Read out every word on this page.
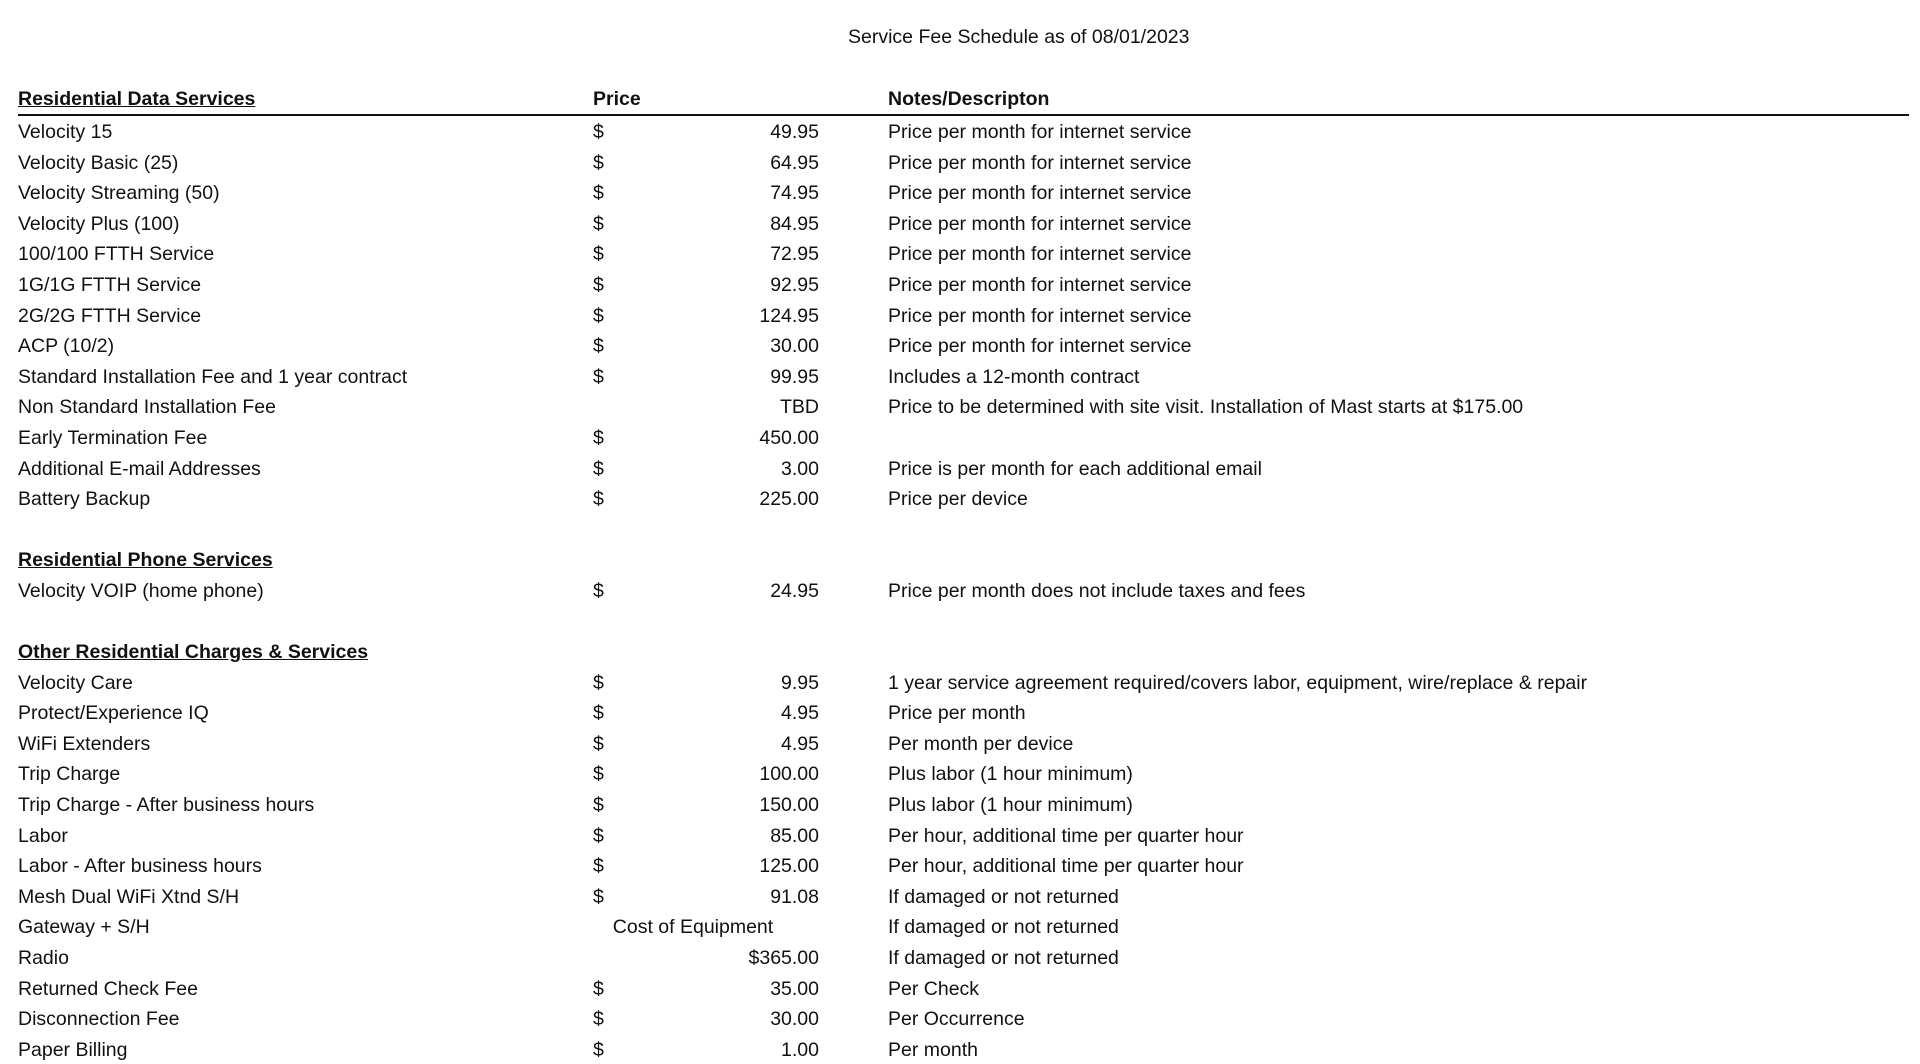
Service Fee Schedule as of 08/01/2023
Residential Data Services	Price	Notes/Descripton
Velocity 15	$	49.95	Price per month for internet service
Velocity Basic (25)	$	64.95	Price per month for internet service
Velocity Streaming (50)	$	74.95	Price per month for internet service
Velocity Plus (100)	$	84.95	Price per month for internet service
100/100 FTTH Service	$	72.95	Price per month for internet service
1G/1G FTTH Service	$	92.95	Price per month for internet service
2G/2G FTTH Service	$	124.95	Price per month for internet service
ACP (10/2)	$	30.00	Price per month for internet service
Standard Installation Fee and 1 year contract	$	99.95	Includes a 12-month contract
Non Standard Installation Fee	TBD	Price to be determined with site visit. Installation of Mast starts at $175.00
Early Termination Fee	$	450.00
Additional E-mail Addresses	$	3.00	Price is per month for each additional email
Battery Backup	$	225.00	Price per device
Residential Phone Services
Velocity VOIP (home phone)	$	24.95	Price per month does not include taxes and fees
Other Residential Charges & Services
Velocity Care	$	9.95	1 year service agreement required/covers labor, equipment, wire/replace & repair
Protect/Experience IQ	$	4.95	Price per month
WiFi Extenders	$	4.95	Per month per device
Trip Charge	$	100.00	Plus labor (1 hour minimum)
Trip Charge - After business hours	$	150.00	Plus labor (1 hour minimum)
Labor	$	85.00	Per hour, additional time per quarter hour
Labor - After business hours	$	125.00	Per hour, additional time per quarter hour
Mesh Dual WiFi Xtnd S/H	$	91.08	If damaged or not returned
Gateway + S/H	Cost of Equipment	If damaged or not returned
Radio	$365.00	If damaged or not returned
Returned Check Fee	$	35.00	Per Check
Disconnection Fee	$	30.00	Per Occurrence
Paper Billing	$	1.00	Per month
